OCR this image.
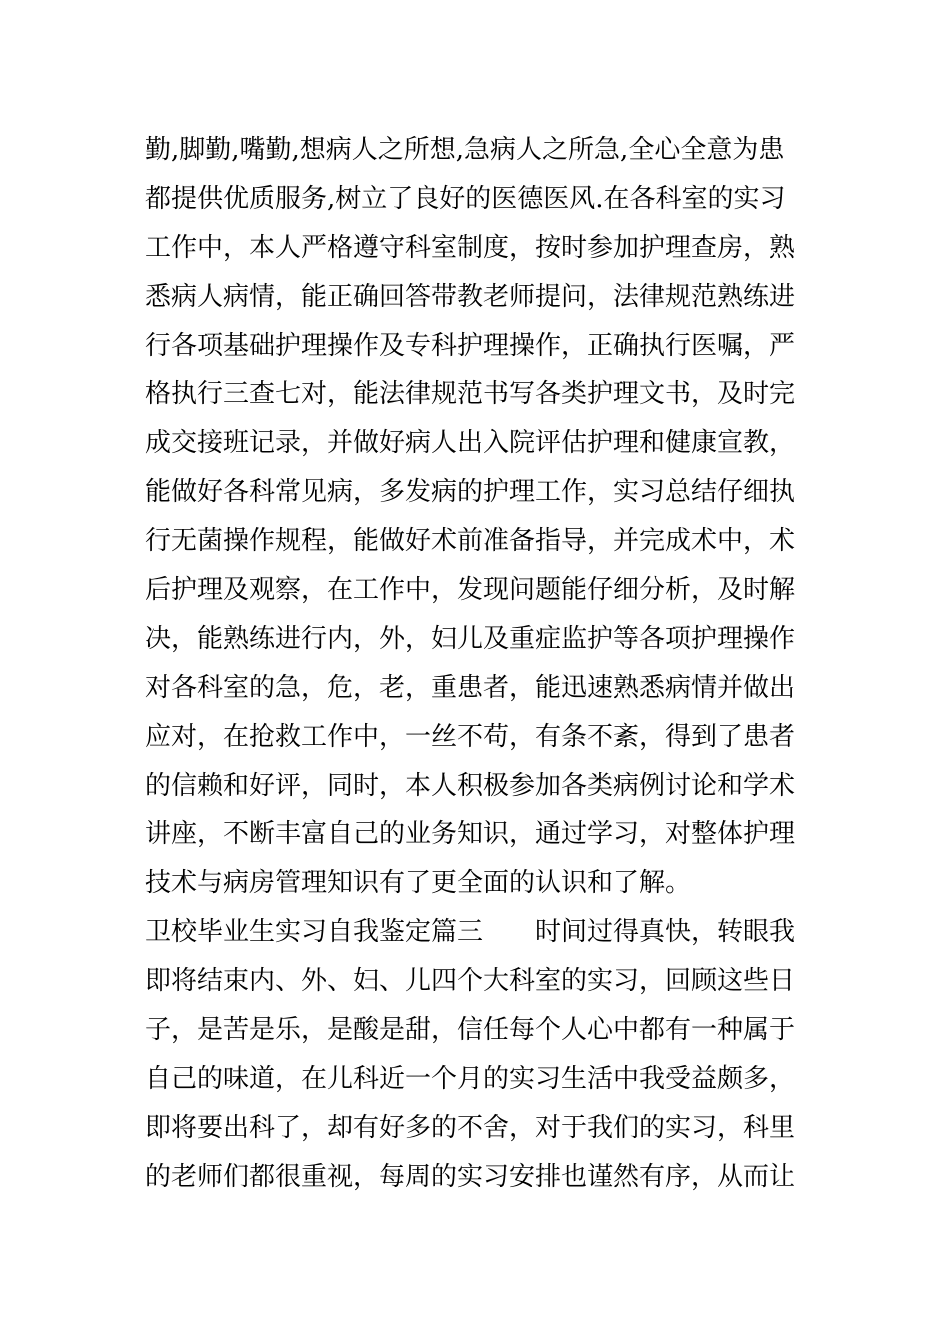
勤,脚勤,嘴勤,想病人之所想,急病人之所急,全心全意为患
都提供优质服务,树立了良好的医德医风.在各科室的实习
工作中，本人严格遵守科室制度，按时参加护理查房，熟
悉病人病情，能正确回答带教老师提问，法律规范熟练进
行各项基础护理操作及专科护理操作，正确执行医嘱，严
格执行三查七对，能法律规范书写各类护理文书，及时完
成交接班记录，并做好病人出入院评估护理和健康宣教，
能做好各科常见病，多发病的护理工作，实习总结仔细执
行无菌操作规程，能做好术前准备指导，并完成术中，术
后护理及观察，在工作中，发现问题能仔细分析，及时解
决，能熟练进行内，外，妇儿及重症监护等各项护理操作
对各科室的急，危，老，重患者，能迅速熟悉病情并做出
应对，在抢救工作中，一丝不苟，有条不紊，得到了患者
的信赖和好评，同时，本人积极参加各类病例讨论和学术
讲座，不断丰富自己的业务知识，通过学习，对整体护理
技术与病房管理知识有了更全面的认识和了解。
卫校毕业生实习自我鉴定篇三　　时间过得真快，转眼我
即将结束内、外、妇、儿四个大科室的实习，回顾这些日
子，是苦是乐，是酸是甜，信任每个人心中都有一种属于
自己的味道，在儿科近一个月的实习生活中我受益颇多，
即将要出科了，却有好多的不舍，对于我们的实习，科里
的老师们都很重视，每周的实习安排也谨然有序，从而让
